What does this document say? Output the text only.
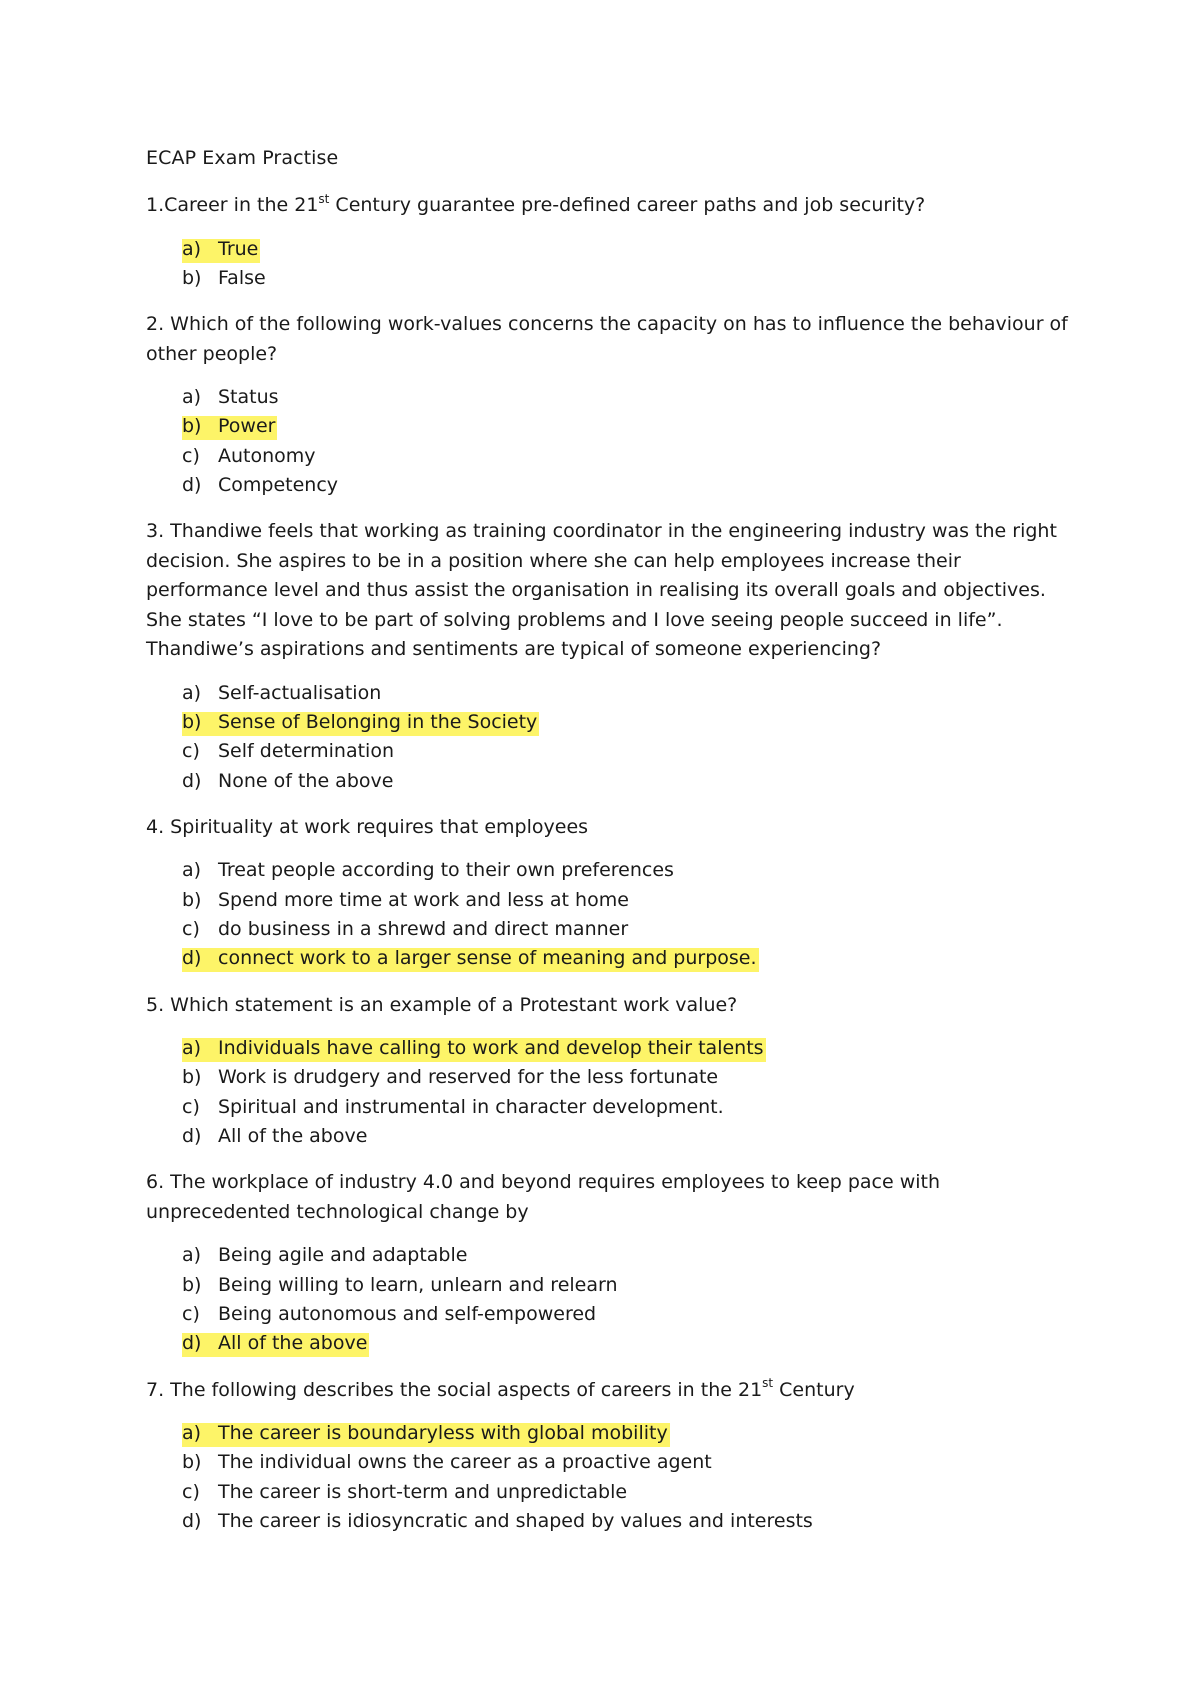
ECAP Exam Practise
1.Career in the 21st Century guarantee pre-defined career paths and job security?
a) True
b) False
2. Which of the following work-values concerns the capacity on has to influence the behaviour of other people?
a) Status
b) Power
c) Autonomy
d) Competency
3. Thandiwe feels that working as training coordinator in the engineering industry was the right decision. She aspires to be in a position where she can help employees increase their performance level and thus assist the organisation in realising its overall goals and objectives. She states “I love to be part of solving problems and I love seeing people succeed in life”. Thandiwe’s aspirations and sentiments are typical of someone experiencing?
a) Self-actualisation
b) Sense of Belonging in the Society
c) Self determination
d) None of the above
4. Spirituality at work requires that employees
a) Treat people according to their own preferences
b) Spend more time at work and less at home
c) do business in a shrewd and direct manner
d) connect work to a larger sense of meaning and purpose.
5. Which statement is an example of a Protestant work value?
a) Individuals have calling to work and develop their talents
b) Work is drudgery and reserved for the less fortunate
c) Spiritual and instrumental in character development.
d) All of the above
6. The workplace of industry 4.0 and beyond requires employees to keep pace with unprecedented technological change by
a) Being agile and adaptable
b) Being willing to learn, unlearn and relearn
c) Being autonomous and self-empowered
d) All of the above
7. The following describes the social aspects of careers in the 21st Century
a) The career is boundaryless with global mobility
b) The individual owns the career as a proactive agent
c) The career is short-term and unpredictable
d) The career is idiosyncratic and shaped by values and interests
